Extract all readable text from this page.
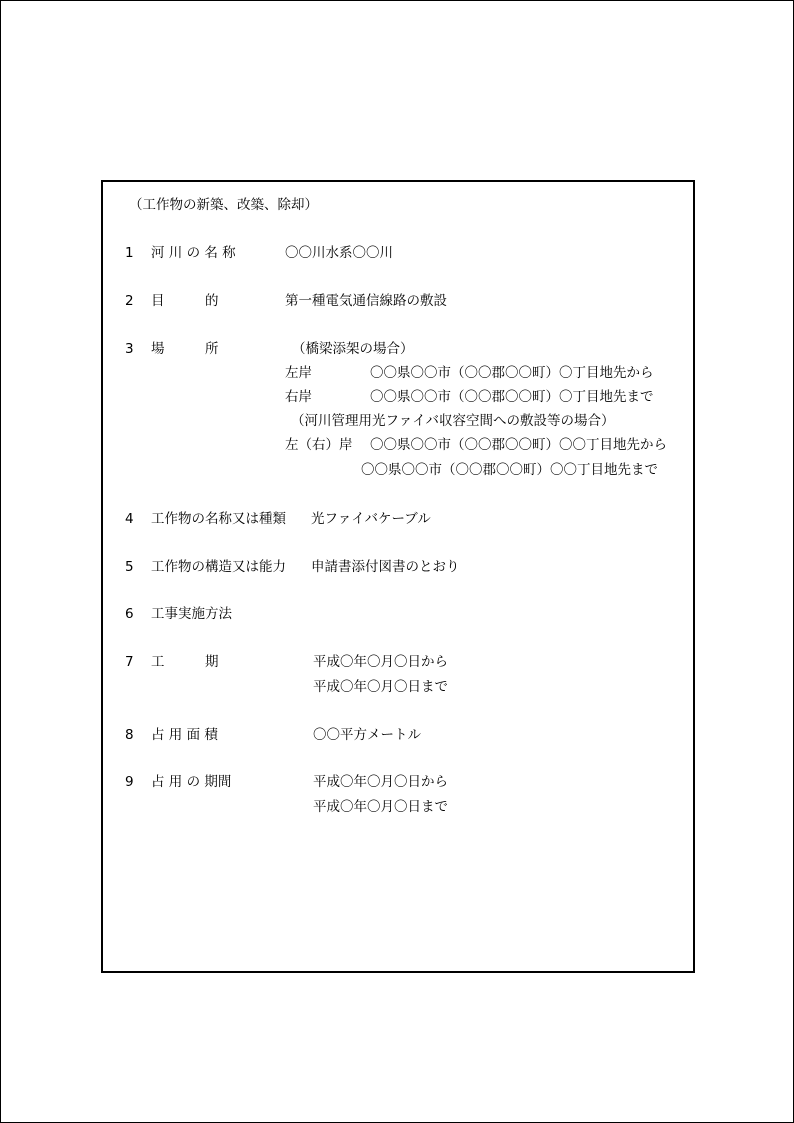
（工作物の新築、改築、除却）
1	河 川 の 名 称	〇〇川水系〇〇川
2	目　　　的	第一種電気通信線路の敷設
3	場　　　所	（橋梁添架の場合）
左岸	〇〇県〇〇市（〇〇郡〇〇町）〇丁目地先から
右岸	〇〇県〇〇市（〇〇郡〇〇町）〇丁目地先まで
（河川管理用光ファイバ収容空間への敷設等の場合）
左（右）岸 〇〇県〇〇市（〇〇郡〇〇町）〇〇丁目地先から
〇〇県〇〇市（〇〇郡〇〇町）〇〇丁目地先まで
4	工作物の名称又は種類 光ファイバケーブル
5	工作物の構造又は能力 申請書添付図書のとおり
6	工事実施方法
7	工　　　期	平成〇年〇月〇日から
平成〇年〇月〇日まで
8	占 用 面 積	〇〇平方メートル
9	占 用 の 期間	平成〇年〇月〇日から
平成〇年〇月〇日まで
